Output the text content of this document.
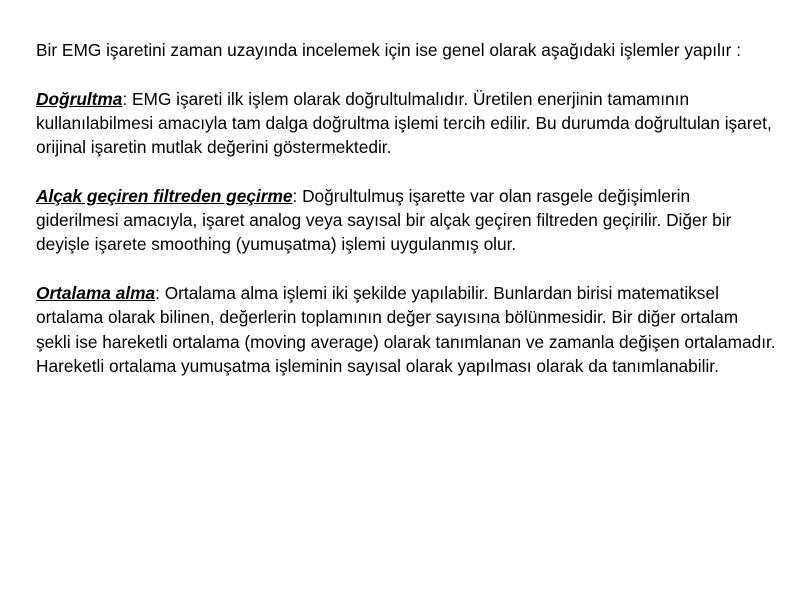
Bir EMG işaretini zaman uzayında incelemek için ise genel olarak aşağıdaki işlemler yapılır :

Doğrultma: EMG işareti ilk işlem olarak doğrultulmalıdır. Üretilen enerjinin tamamının kullanılabilmesi amacıyla tam dalga doğrultma işlemi tercih edilir. Bu durumda doğrultulan işaret, orijinal işaretin mutlak değerini göstermektedir.

Alçak geçiren filtreden geçirme: Doğrultulmuş işarette var olan rasgele değişimlerin giderilmesi amacıyla, işaret analog veya sayısal bir alçak geçiren filtreden geçirilir. Diğer bir deyişle işarete smoothing (yumuşatma) işlemi uygulanmış olur.

Ortalama alma: Ortalama alma işlemi iki şekilde yapılabilir. Bunlardan birisi matematiksel ortalama olarak bilinen, değerlerin toplamının değer sayısına bölünmesidir. Bir diğer ortalam şekli ise hareketli ortalama (moving average) olarak tanımlanan ve zamanla değişen ortalamadır. Hareketli ortalama yumuşatma işleminin sayısal olarak yapılması olarak da tanımlanabilir.
